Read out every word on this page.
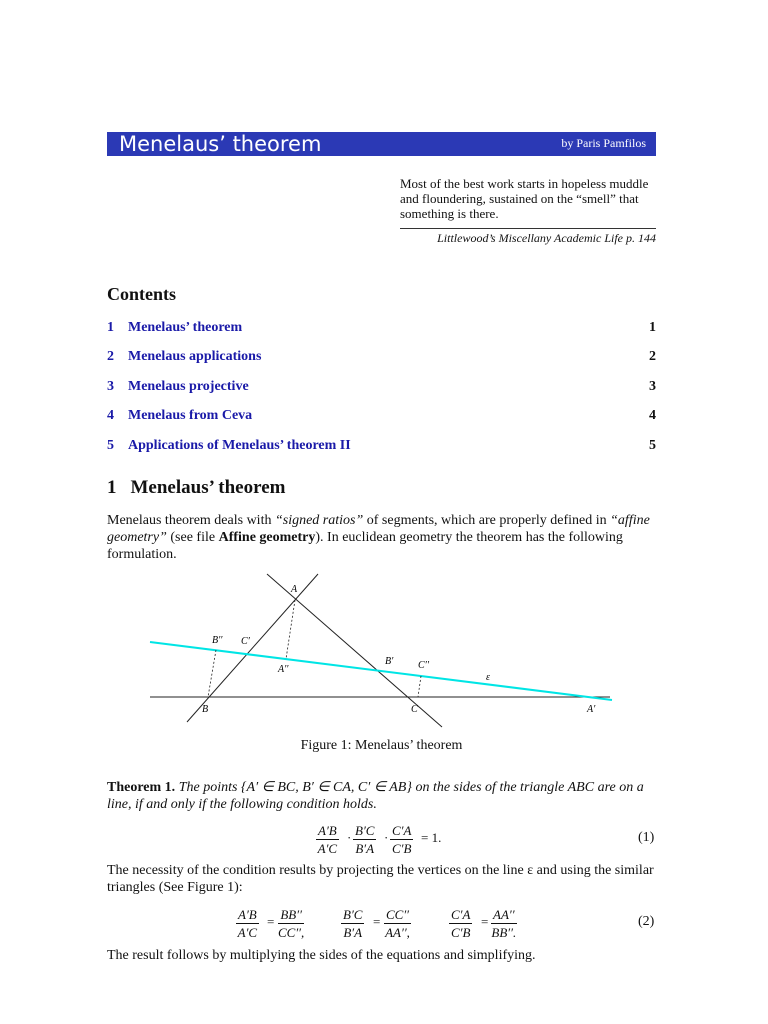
Menelaus’ theorem	by Paris Pamfilos
Most of the best work starts in hopeless muddle and floundering, sustained on the “smell” that something is there.
Littlewood’s Miscellany Academic Life p. 144
Contents
1 Menelaus’ theorem	1
2 Menelaus applications	2
3 Menelaus projective	3
4 Menelaus from Ceva	4
5 Applications of Menelaus’ theorem II	5
1 Menelaus’ theorem
Menelaus theorem deals with “signed ratios” of segments, which are properly defined in “affine geometry” (see file Affine geometry). In euclidean geometry the theorem has the following formulation.
A
B	C	A′
B′
C′
A′′
B′′
C′′
ε
Figure 1: Menelaus’ theorem
Theorem 1. The points {A′ ∈ BC, B′ ∈ CA, C′ ∈ AB} on the sides of the triangle ABC are on a line, if and only if the following condition holds.
$\frac{A'B}{A'C} \cdot \frac{B'C}{B'A} \cdot \frac{C'A}{C'B} = 1$.	(1)
The necessity of the condition results by projecting the vertices on the line ε and using the similar triangles (See Figure 1):
$\frac{A'B}{A'C} = \frac{BB''}{CC'',}$	$\frac{B'C}{B'A} = \frac{CC''}{AA'',}$	$\frac{C'A}{C'B} = \frac{AA''}{BB''.}$	(2)
The result follows by multiplying the sides of the equations and simplifying.
